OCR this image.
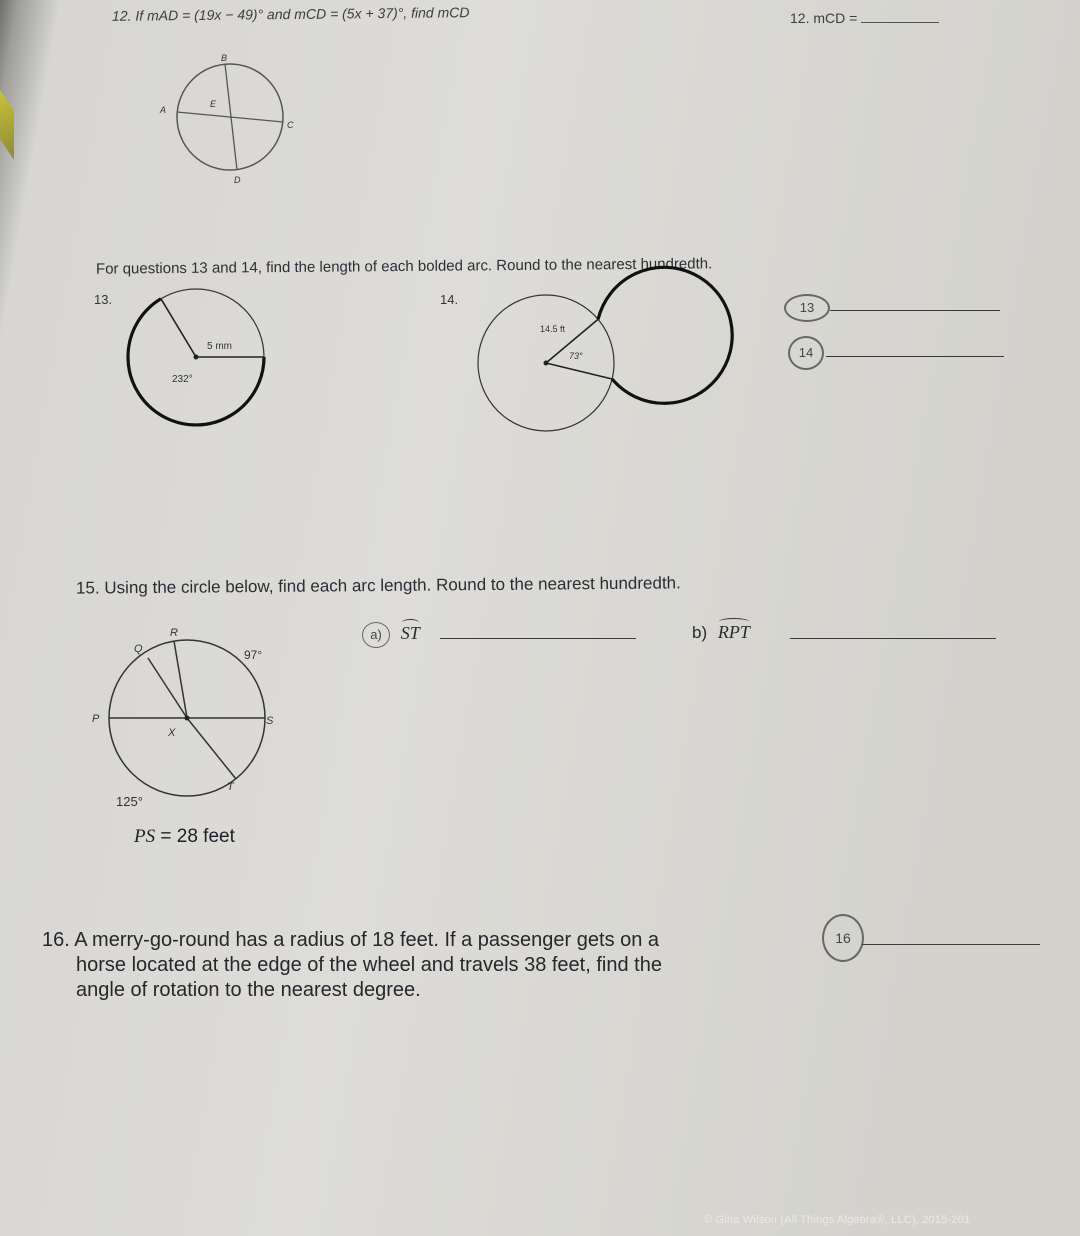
12. If mAD = (19x − 49)° and mCD = (5x + 37)°, find mCD	12. mCD =
B
A
E
C
D
For questions 13 and 14, find the length of each bolded arc. Round to the nearest hundredth.
13.
5 mm
232°
14.
14.5 ft
73°
13
14
15. Using the circle below, find each arc length. Round to the nearest hundredth.
a) ST	b) RPT
R
Q	97°
P	S
X
T
125°
PS = 28 feet
16. A merry-go-round has a radius of 18 feet. If a passenger gets on a
horse located at the edge of the wheel and travels 38 feet, find the
angle of rotation to the nearest degree.
16
© Gina Wilson (All Things Algebra®, LLC), 2015-201
